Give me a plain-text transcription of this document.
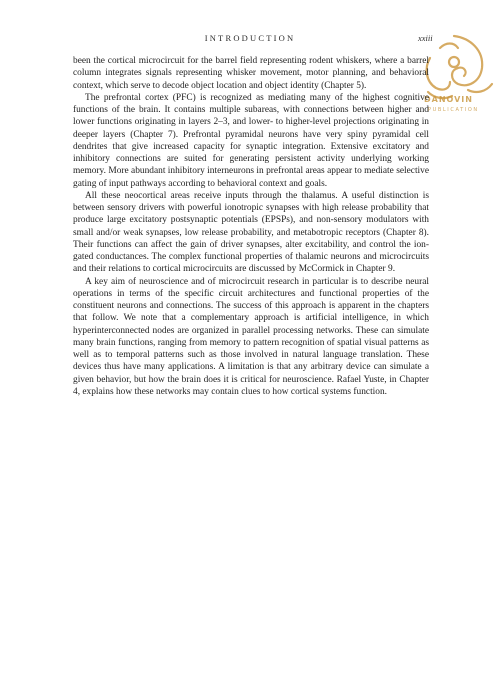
INTRODUCTION	xxiii
DANOVIN
PUBLICATION

been the cortical microcircuit for the barrel field representing rodent whiskers, where a barrel column integrates signals representing whisker movement, motor planning, and behavioral context, which serve to decode object location and object identity (Chapter 5).

The prefrontal cortex (PFC) is recognized as mediating many of the highest cognitive functions of the brain. It contains multiple subareas, with connections between higher and lower functions originating in layers 2–3, and lower- to higher-level projections originating in deeper layers (Chapter 7). Prefrontal pyramidal neurons have very spiny pyramidal cell dendrites that give increased capacity for synaptic integration. Extensive excitatory and inhibitory connections are suited for generating persistent activity underlying working memory. More abundant inhibitory interneurons in prefrontal areas appear to mediate selective gating of input pathways according to behavioral context and goals.

All these neocortical areas receive inputs through the thalamus. A useful distinction is between sensory drivers with powerful ionotropic synapses with high release probability that produce large excitatory postsynaptic potentials (EPSPs), and non-sensory modulators with small and/or weak synapses, low release probability, and metabotropic receptors (Chapter 8). Their functions can affect the gain of driver synapses, alter excitability, and control the ion-gated conductances. The complex functional properties of thalamic neurons and microcircuits and their relations to cortical microcircuits are discussed by McCormick in Chapter 9.

A key aim of neuroscience and of microcircuit research in particular is to describe neural operations in terms of the specific circuit architectures and functional properties of the constituent neurons and connections. The success of this approach is apparent in the chapters that follow. We note that a complementary approach is artificial intelligence, in which hyperinterconnected nodes are organized in parallel processing networks. These can simulate many brain functions, ranging from memory to pattern recognition of spatial visual patterns as well as to temporal patterns such as those involved in natural language translation. These devices thus have many applications. A limitation is that any arbitrary device can simulate a given behavior, but how the brain does it is critical for neuroscience. Rafael Yuste, in Chapter 4, explains how these networks may contain clues to how cortical systems function.
